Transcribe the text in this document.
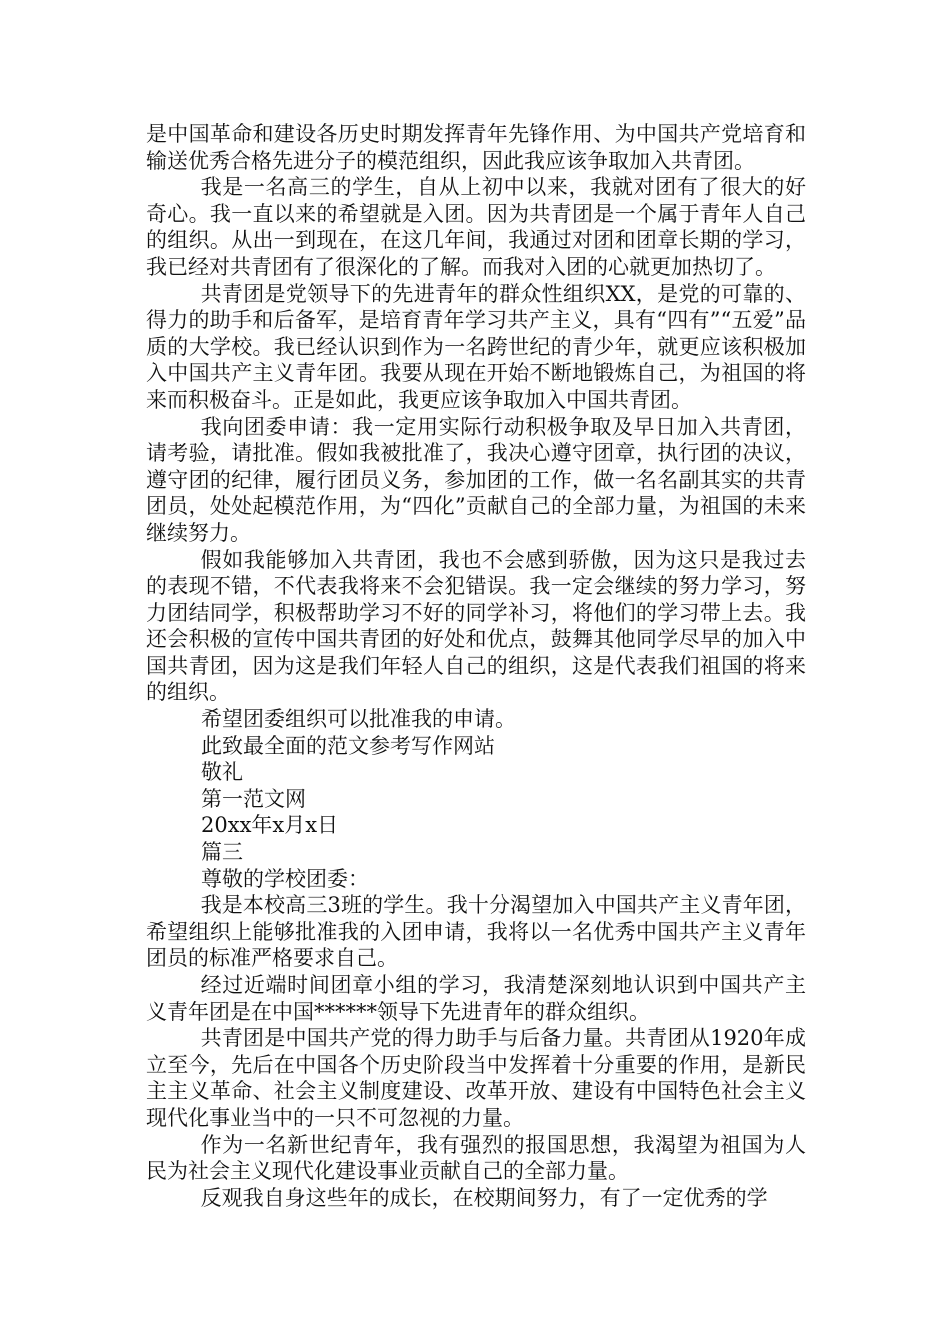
是中国革命和建设各历史时期发挥青年先锋作用、为中国共产党培育和输送优秀合格先进分子的模范组织，因此我应该争取加入共青团。

我是一名高三的学生，自从上初中以来，我就对团有了很大的好奇心。我一直以来的希望就是入团。因为共青团是一个属于青年人自己的组织。从出一到现在，在这几年间，我通过对团和团章长期的学习，我已经对共青团有了很深化的了解。而我对入团的心就更加热切了。

共青团是党领导下的先进青年的群众性组织XX，是党的可靠的、得力的助手和后备军，是培育青年学习共产主义，具有“四有”“五爱”品质的大学校。我已经认识到作为一名跨世纪的青少年，就更应该积极加入中国共产主义青年团。我要从现在开始不断地锻炼自己，为祖国的将来而积极奋斗。正是如此，我更应该争取加入中国共青团。

我向团委申请：我一定用实际行动积极争取及早日加入共青团，请考验，请批准。假如我被批准了，我决心遵守团章，执行团的决议，遵守团的纪律，履行团员义务，参加团的工作，做一名名副其实的共青团员，处处起模范作用，为“四化”贡献自己的全部力量，为祖国的未来继续努力。

假如我能够加入共青团，我也不会感到骄傲，因为这只是我过去的表现不错，不代表我将来不会犯错误。我一定会继续的努力学习，努力团结同学，积极帮助学习不好的同学补习，将他们的学习带上去。我还会积极的宣传中国共青团的好处和优点，鼓舞其他同学尽早的加入中国共青团，因为这是我们年轻人自己的组织，这是代表我们祖国的将来的组织。

希望团委组织可以批准我的申请。

此致最全面的范文参考写作网站

敬礼

第一范文网

20xx年x月x日

篇三

尊敬的学校团委：

我是本校高三3班的学生。我十分渴望加入中国共产主义青年团，希望组织上能够批准我的入团申请，我将以一名优秀中国共产主义青年团员的标准严格要求自己。

经过近端时间团章小组的学习，我清楚深刻地认识到中国共产主义青年团是在中国******领导下先进青年的群众组织。

共青团是中国共产党的得力助手与后备力量。共青团从1920年成立至今，先后在中国各个历史阶段当中发挥着十分重要的作用，是新民主主义革命、社会主义制度建设、改革开放、建设有中国特色社会主义现代化事业当中的一只不可忽视的力量。

作为一名新世纪青年，我有强烈的报国思想，我渴望为祖国为人民为社会主义现代化建设事业贡献自己的全部力量。

反观我自身这些年的成长，在校期间努力，有了一定优秀的学
